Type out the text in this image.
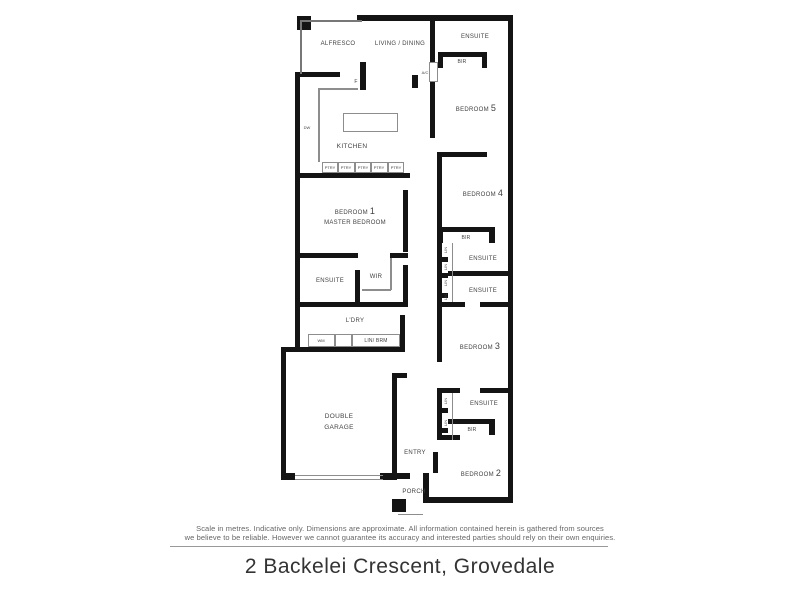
ALFRESCO	LIVING / DINING
ENSUITE
BIR
A/C
BEDROOM 5
F
DW
KITCHEN
PTRY PTRY PTRY PTRY PTRY
BEDROOM 1
MASTER BEDROOM
BEDROOM 4
BIR
LIN
LIN
LIN
LIN
ENSUITE
ENSUITE
ENSUITE
WIR
L'DRY
WM	LIN/ BRM
BEDROOM 3
DOUBLE
GARAGE
LIN
LIN
ENSUITE
BIR
ENTRY
BEDROOM 2
PORCH
Scale in metres. Indicative only. Dimensions are approximate. All information contained herein is gathered from sources
we believe to be reliable. However we cannot guarantee its accuracy and interested parties should rely on their own enquiries.
2 Backelei Crescent, Grovedale
